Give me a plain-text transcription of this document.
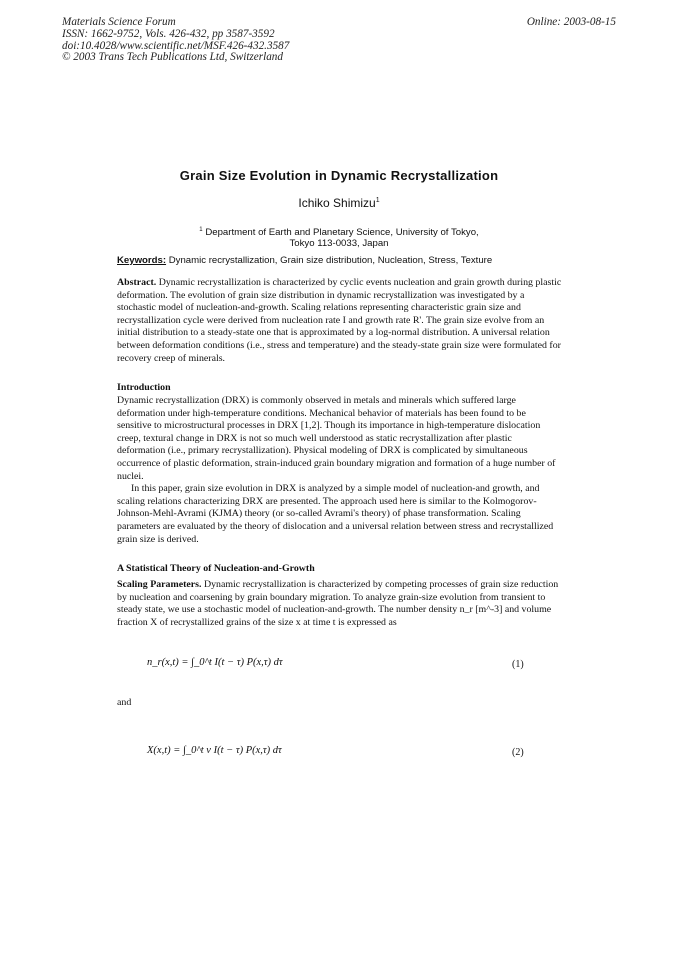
Materials Science Forum
ISSN: 1662-9752, Vols. 426-432, pp 3587-3592
doi:10.4028/www.scientific.net/MSF.426-432.3587
© 2003 Trans Tech Publications Ltd, Switzerland
Online: 2003-08-15
Grain Size Evolution in Dynamic Recrystallization
Ichiko Shimizu$^1$
$^1$ Department of Earth and Planetary Science, University of Tokyo,
Tokyo 113-0033, Japan
Keywords: Dynamic recrystallization, Grain size distribution, Nucleation, Stress, Texture

Abstract. Dynamic recrystallization is characterized by cyclic events nucleation and grain growth during plastic deformation. The evolution of grain size distribution in dynamic recrystallization was investigated by a stochastic model of nucleation-and-growth. Scaling relations representing characteristic grain size and recrystallization cycle were derived from nucleation rate I and growth rate R'. The grain size evolve from an initial distribution to a steady-state one that is approximated by a log-normal distribution. A universal relation between deformation conditions (i.e., stress and temperature) and the steady-state grain size were formulated for recovery creep of minerals.

Introduction

Dynamic recrystallization (DRX) is commonly observed in metals and minerals which suffered large deformation under high-temperature conditions. Mechanical behavior of materials has been found to be sensitive to microstructural processes in DRX [1,2]. Though its importance in high-temperature dislocation creep, textural change in DRX is not so much well understood as static recrystallization after plastic deformation (i.e., primary recrystallization). Physical modeling of DRX is complicated by simultaneous occurrence of plastic deformation, strain-induced grain boundary migration and formation of a huge number of nuclei.

In this paper, grain size evolution in DRX is analyzed by a simple model of nucleation-and growth, and scaling relations characterizing DRX are presented. The approach used here is similar to the Kolmogorov-Johnson-Mehl-Avrami (KJMA) theory (or so-called Avrami's theory) of phase transformation. Scaling parameters are evaluated by the theory of dislocation and a universal relation between stress and recrystallized grain size is derived.

A Statistical Theory of Nucleation-and-Growth

Scaling Parameters. Dynamic recrystallization is characterized by competing processes of grain size reduction by nucleation and coarsening by grain boundary migration. To analyze grain-size evolution from transient to steady state, we use a stochastic model of nucleation-and-growth. The number density n_r [m^-3] and volume fraction X of recrystallized grains of the size x at time t is expressed as

n_r(x,t) = ∫_0^t I(t − τ) P(x,τ) dτ	(1)
and
X(x,t) = ∫_0^t v I(t − τ) P(x,τ) dτ	(2)
